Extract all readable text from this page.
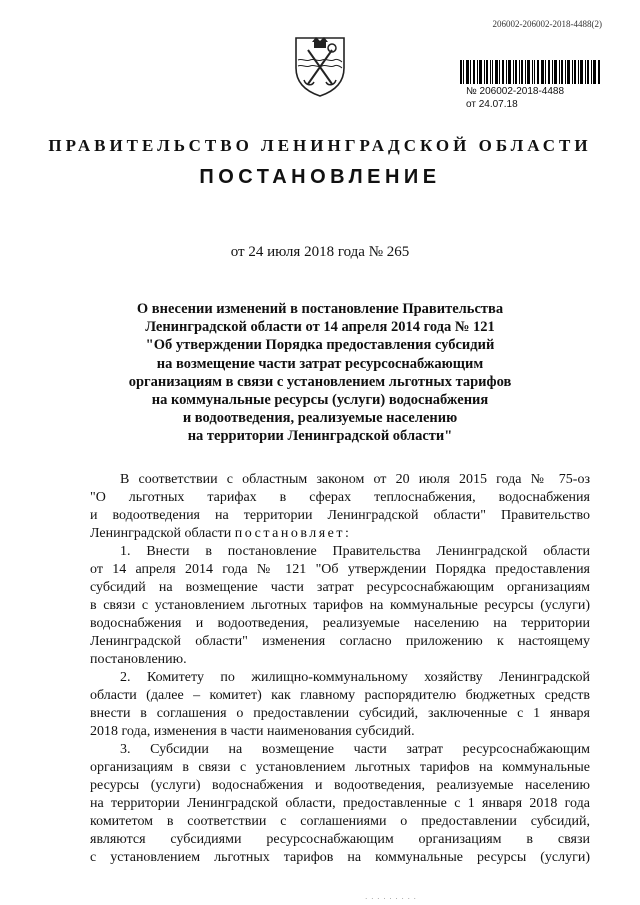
206002-206002-2018-4488(2)
№ 206002-2018-4488
от 24.07.18
ПРАВИТЕЛЬСТВО ЛЕНИНГРАДСКОЙ ОБЛАСТИ
ПОСТАНОВЛЕНИЕ
от 24 июля 2018 года № 265
О внесении изменений в постановление Правительства
Ленинградской области от 14 апреля 2014 года № 121
"Об утверждении Порядка предоставления субсидий
на возмещение части затрат ресурсоснабжающим
организациям в связи с установлением льготных тарифов
на коммунальные ресурсы (услуги) водоснабжения
и водоотведения, реализуемые населению
на территории Ленинградской области"
В соответствии с областным законом от 20 июля 2015 года № 75-оз
"О льготных тарифах в сферах теплоснабжения, водоснабжения
и водоотведения на территории Ленинградской области" Правительство
Ленинградской области постановляет:
1. Внести в постановление Правительства Ленинградской области
от 14 апреля 2014 года № 121 "Об утверждении Порядка предоставления
субсидий на возмещение части затрат ресурсоснабжающим организациям
в связи с установлением льготных тарифов на коммунальные ресурсы (услуги)
водоснабжения и водоотведения, реализуемые населению на территории
Ленинградской области" изменения согласно приложению к настоящему
постановлению.
2. Комитету по жилищно-коммунальному хозяйству Ленинградской
области (далее – комитет) как главному распорядителю бюджетных средств
внести в соглашения о предоставлении субсидий, заключенные с 1 января
2018 года, изменения в части наименования субсидий.
3. Субсидии на возмещение части затрат ресурсоснабжающим
организациям в связи с установлением льготных тарифов на коммунальные
ресурсы (услуги) водоснабжения и водоотведения, реализуемые населению
на территории Ленинградской области, предоставленные с 1 января 2018 года
комитетом в соответствии с соглашениями о предоставлении субсидий,
являются субсидиями ресурсоснабжающим организациям в связи
с установлением льготных тарифов на коммунальные ресурсы (услуги)
· · · · · · · · ·
